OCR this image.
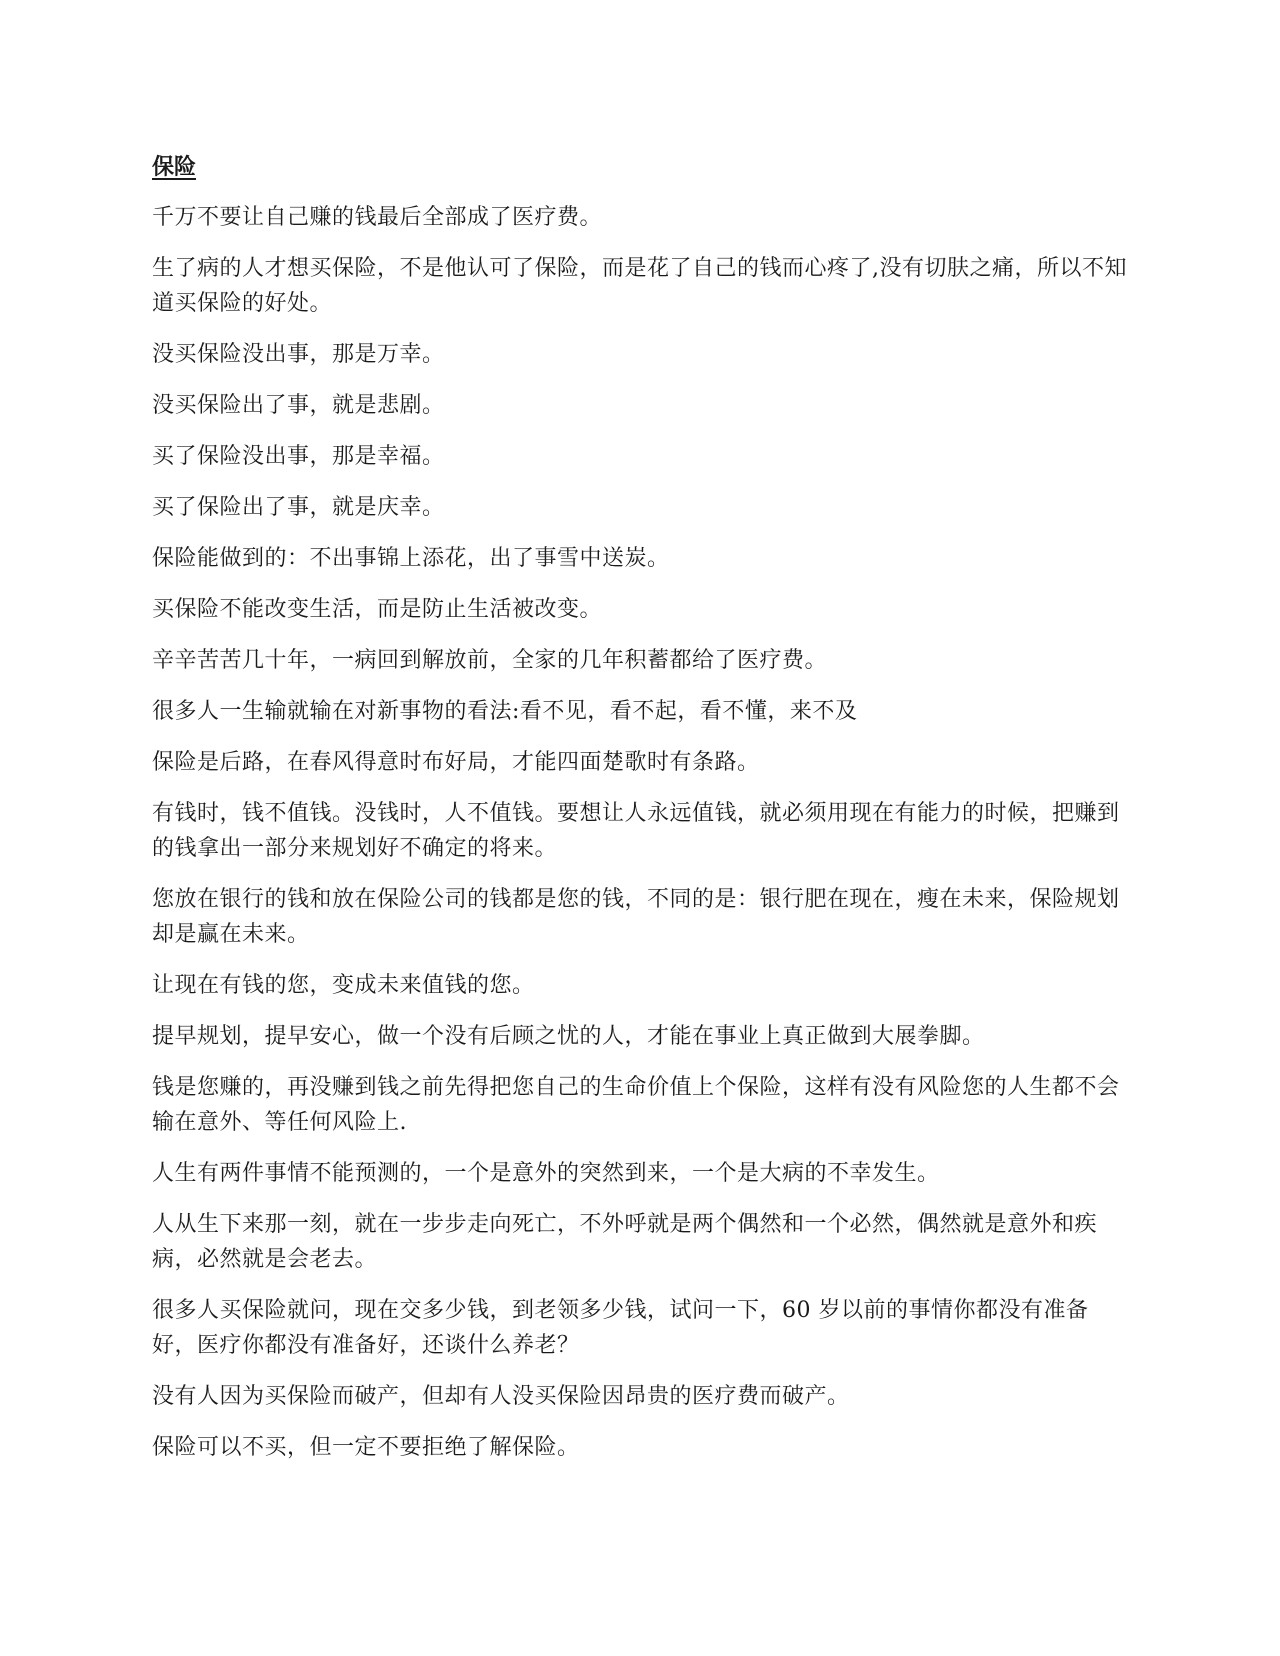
保险

千万不要让自己赚的钱最后全部成了医疗费。

生了病的人才想买保险，不是他认可了保险，而是花了自己的钱而心疼了,没有切肤之痛，所以不知道买保险的好处。

没买保险没出事，那是万幸。

没买保险出了事，就是悲剧。

买了保险没出事，那是幸福。

买了保险出了事，就是庆幸。

保险能做到的：不出事锦上添花，出了事雪中送炭。

买保险不能改变生活，而是防止生活被改变。

辛辛苦苦几十年，一病回到解放前，全家的几年积蓄都给了医疗费。

很多人一生输就输在对新事物的看法:看不见，看不起，看不懂，来不及

保险是后路，在春风得意时布好局，才能四面楚歌时有条路。

有钱时，钱不值钱。没钱时，人不值钱。要想让人永远值钱，就必须用现在有能力的时候，把赚到的钱拿出一部分来规划好不确定的将来。

您放在银行的钱和放在保险公司的钱都是您的钱，不同的是：银行肥在现在，瘦在未来，保险规划却是赢在未来。

让现在有钱的您，变成未来值钱的您。

提早规划，提早安心，做一个没有后顾之忧的人，才能在事业上真正做到大展拳脚。

钱是您赚的，再没赚到钱之前先得把您自己的生命价值上个保险，这样有没有风险您的人生都不会输在意外、等任何风险上.

人生有两件事情不能预测的，一个是意外的突然到来，一个是大病的不幸发生。

人从生下来那一刻，就在一步步走向死亡，不外呼就是两个偶然和一个必然，偶然就是意外和疾病，必然就是会老去。

很多人买保险就问，现在交多少钱，到老领多少钱，试问一下，60 岁以前的事情你都没有准备好，医疗你都没有准备好，还谈什么养老？

没有人因为买保险而破产，但却有人没买保险因昂贵的医疗费而破产。

保险可以不买，但一定不要拒绝了解保险。
